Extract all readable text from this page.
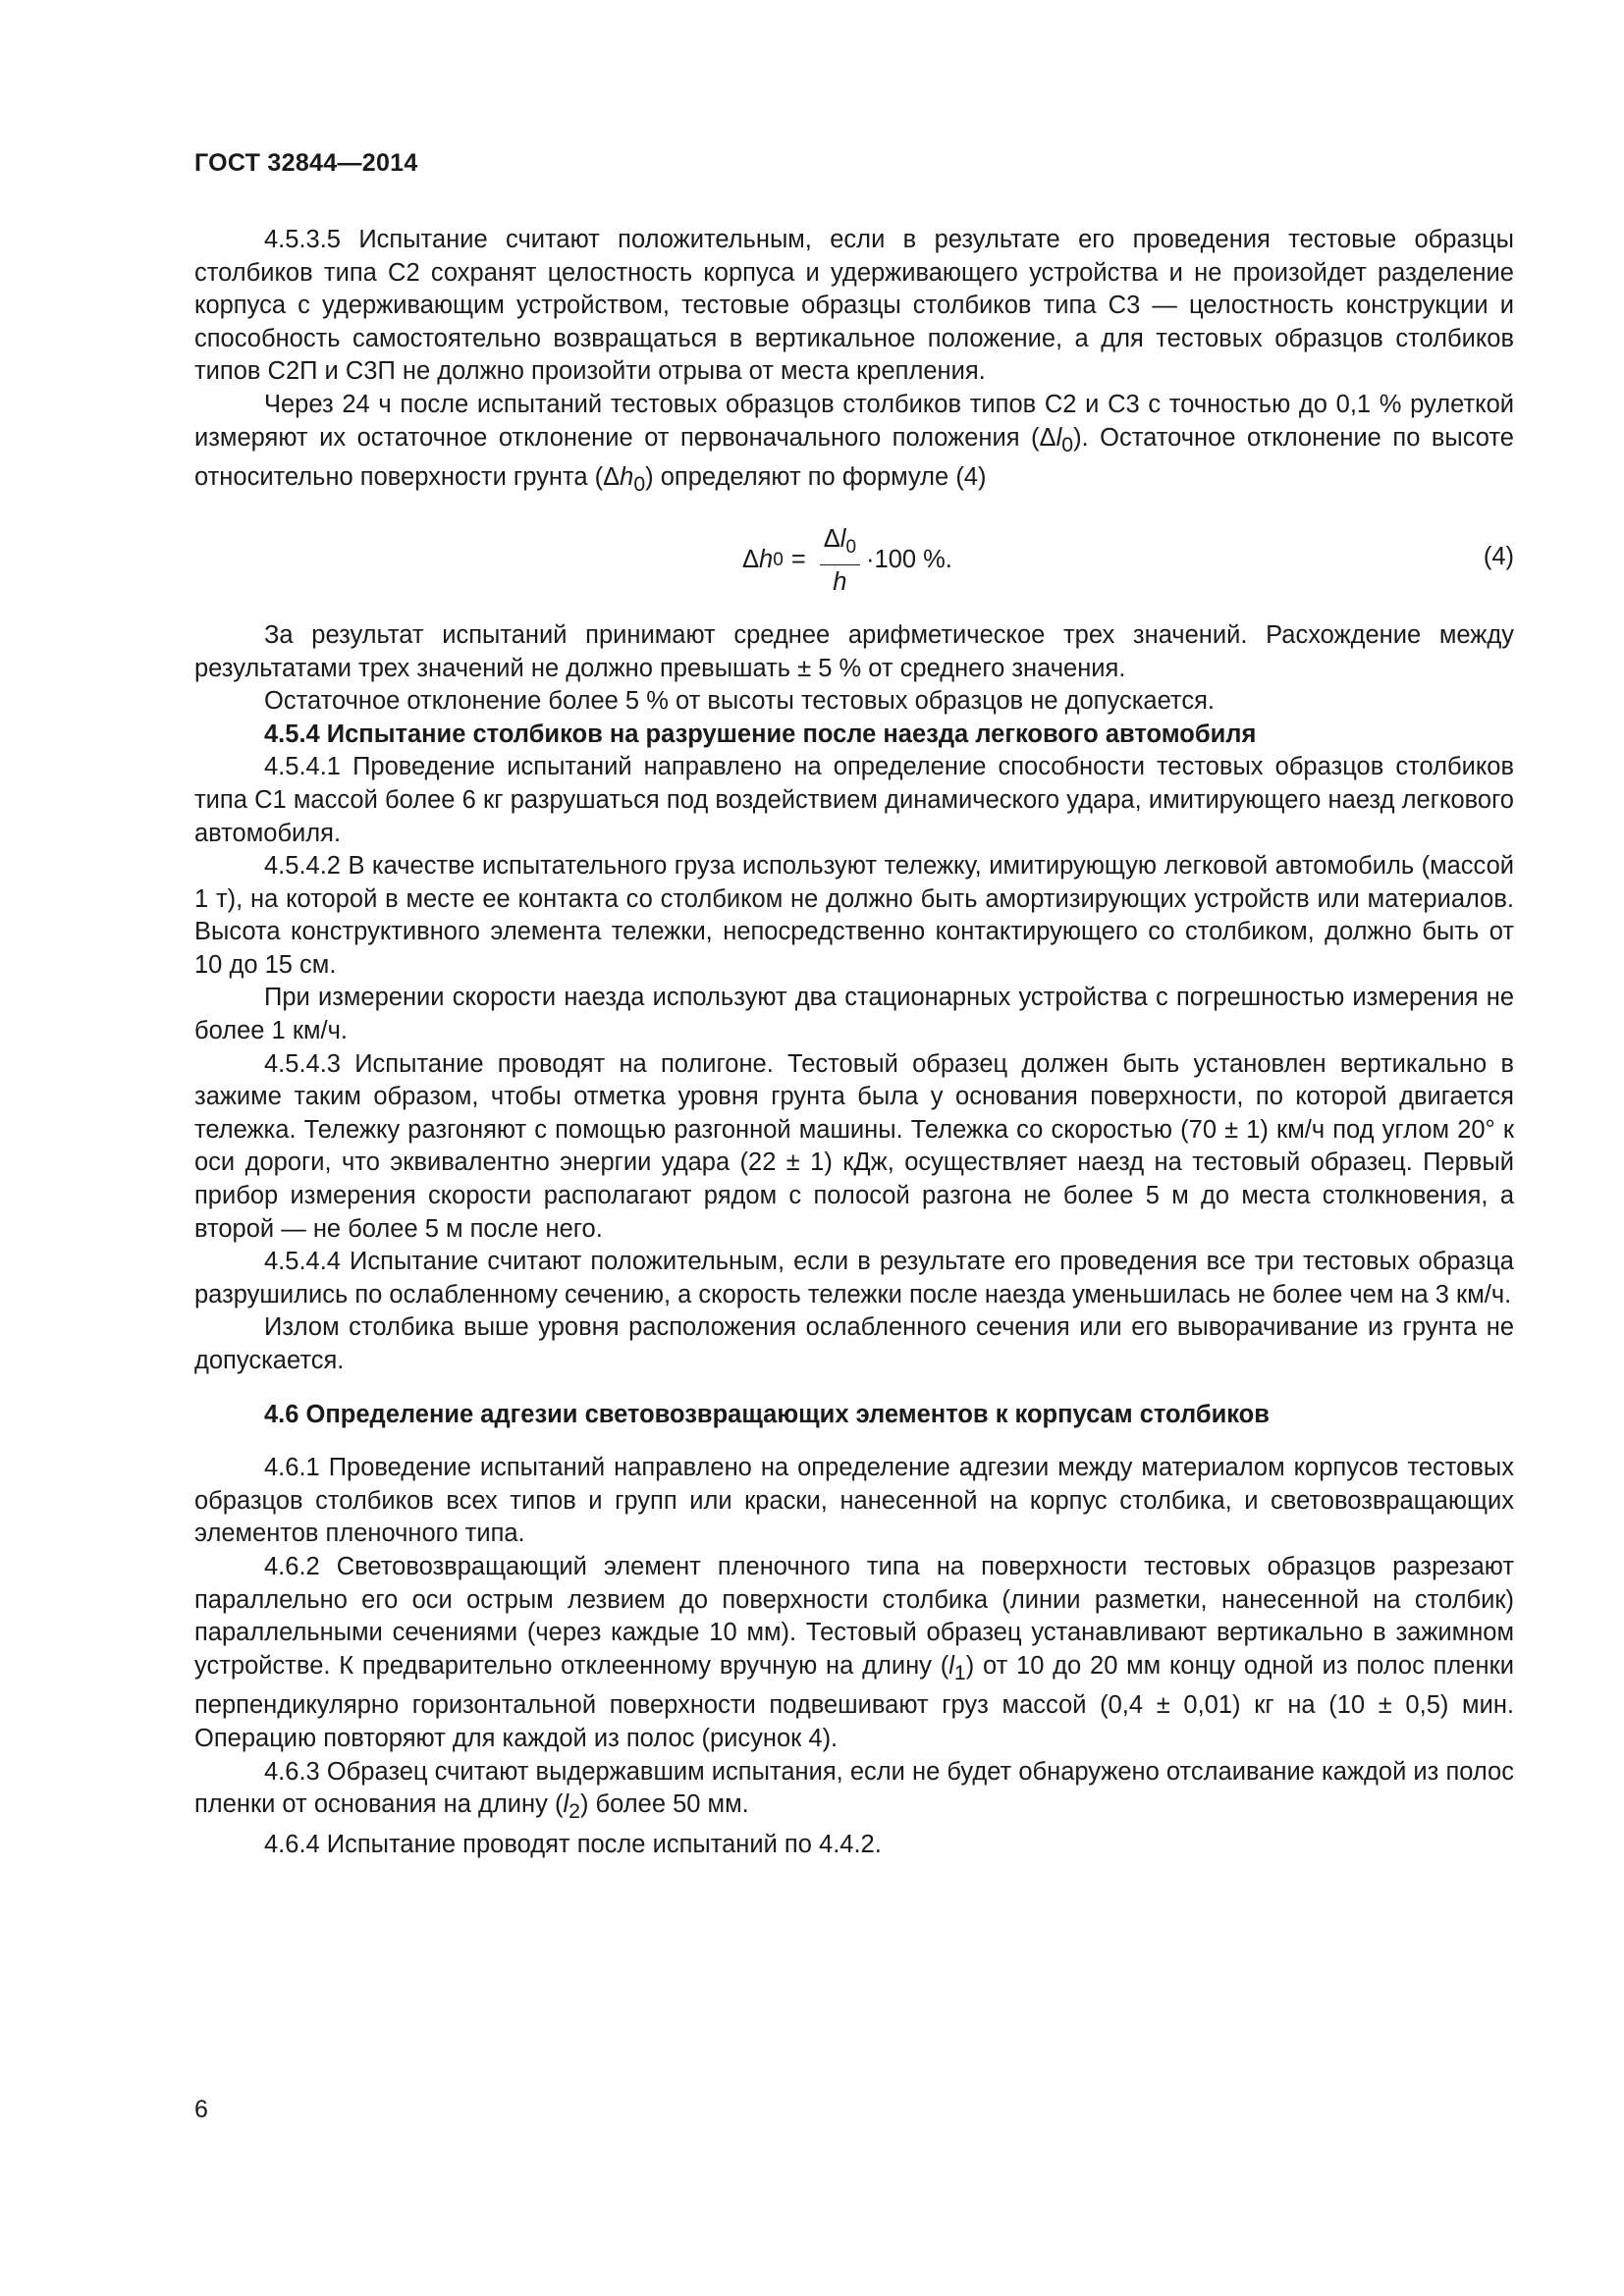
ГОСТ 32844—2014

4.5.3.5 Испытание считают положительным, если в результате его проведения тестовые образцы столбиков типа С2 сохранят целостность корпуса и удерживающего устройства и не произойдет разделение корпуса с удерживающим устройством, тестовые образцы столбиков типа С3 — целостность конструкции и способность самостоятельно возвращаться в вертикальное положение, а для тестовых образцов столбиков типов С2П и С3П не должно произойти отрыва от места крепления.

Через 24 ч после испытаний тестовых образцов столбиков типов С2 и С3 с точностью до 0,1 % рулеткой измеряют их остаточное отклонение от первоначального положения $(\Delta l_0)$. Остаточное отклонение по высоте относительно поверхности грунта $(\Delta h_0)$ определяют по формуле (4)

Δ h $0 = \frac{\Delta l_0}{h} \cdot 100$ %.	(4)

За результат испытаний принимают среднее арифметическое трех значений. Расхождение между результатами трех значений не должно превышать ± 5 % от среднего значения.

Остаточное отклонение более 5 % от высоты тестовых образцов не допускается.

4.5.4 Испытание столбиков на разрушение после наезда легкового автомобиля

4.5.4.1 Проведение испытаний направлено на определение способности тестовых образцов столбиков типа С1 массой более 6 кг разрушаться под воздействием динамического удара, имитирующего наезд легкового автомобиля.

4.5.4.2 В качестве испытательного груза используют тележку, имитирующую легковой автомобиль (массой 1 т), на которой в месте ее контакта со столбиком не должно быть амортизирующих устройств или материалов. Высота конструктивного элемента тележки, непосредственно контактирующего со столбиком, должно быть от 10 до 15 см.

При измерении скорости наезда используют два стационарных устройства с погрешностью измерения не более 1 км/ч.

4.5.4.3 Испытание проводят на полигоне. Тестовый образец должен быть установлен вертикально в зажиме таким образом, чтобы отметка уровня грунта была у основания поверхности, по которой двигается тележка. Тележку разгоняют с помощью разгонной машины. Тележка со скоростью (70 ± 1) км/ч под углом 20° к оси дороги, что эквивалентно энергии удара (22 ± 1) кДж, осуществляет наезд на тестовый образец. Первый прибор измерения скорости располагают рядом с полосой разгона не более 5 м до места столкновения, а второй — не более 5 м после него.

4.5.4.4 Испытание считают положительным, если в результате его проведения все три тестовых образца разрушились по ослабленному сечению, а скорость тележки после наезда уменьшилась не более чем на 3 км/ч.

Излом столбика выше уровня расположения ослабленного сечения или его выворачивание из грунта не допускается.

4.6 Определение адгезии световозвращающих элементов к корпусам столбиков

4.6.1 Проведение испытаний направлено на определение адгезии между материалом корпусов тестовых образцов столбиков всех типов и групп или краски, нанесенной на корпус столбика, и световозвращающих элементов пленочного типа.

4.6.2 Световозвращающий элемент пленочного типа на поверхности тестовых образцов разрезают параллельно его оси острым лезвием до поверхности столбика (линии разметки, нанесенной на столбик) параллельными сечениями (через каждые 10 мм). Тестовый образец устанавливают вертикально в зажимном устройстве. К предварительно отклеенному вручную на длину $(l_1)$ от 10 до 20 мм концу одной из полос пленки перпендикулярно горизонтальной поверхности подвешивают груз массой (0,4 ± 0,01) кг на (10 ± 0,5) мин. Операцию повторяют для каждой из полос (рисунок 4).

4.6.3 Образец считают выдержавшим испытания, если не будет обнаружено отслаивание каждой из полос пленки от основания на длину $(l_2)$ более 50 мм.

4.6.4 Испытание проводят после испытаний по 4.4.2.

6
